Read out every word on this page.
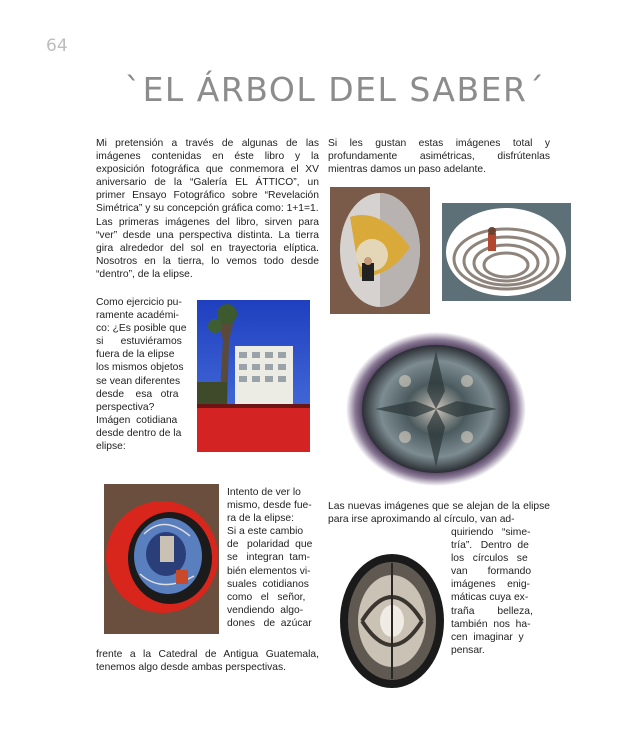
64
`EL ÁRBOL DEL SABER´

Mi pretensión a través de algunas de las imágenes contenidas en éste libro y la exposición fotográfica que conmemora el XV aniversario de la “Galería EL ÁTTICO”, un primer Ensayo Fotográfico sobre “Revelación Simétrica” y su concepción gráfica como: 1+1=1.

Las primeras imágenes del libro, sirven para “ver” desde una perspectiva distinta. La tierra gira alrededor del sol en trayectoria elíptica. Nosotros en la tierra, lo vemos todo desde “dentro”, de la elipse.

Como ejercicio pu-
ramente académi-
co: ¿Es posible que
si      estuviéramos
fuera de la elipse
los mismos objetos
se vean diferentes
desde    esa   otra
perspectiva?
Imágen  cotidiana
desde dentro de la
elipse:
Intento de ver lo
mismo, desde fue-
ra de la elipse:
Si a este cambio
de   polaridad  que
se   integran  tam-
bién elementos vi-
suales  cotidianos
como   el   señor,
vendiendo  algo-
dones   de  azúcar
frente a la Catedral de Antigua Guatemala, tenemos algo desde ambas perspectivas.
Si les gustan estas imágenes total y profundamente asimétricas, disfrútenlas mientras damos un paso adelante.
Las nuevas imágenes que se alejan de la elipse para irse aproximando al círculo, van ad-
quiriendo   “sime-
tría”.   Dentro  de
los   círculos   se
van       formando
imágenes    enig-
máticas cuya ex-
traña        belleza,
también  nos  ha-
cen  imaginar  y
pensar.
